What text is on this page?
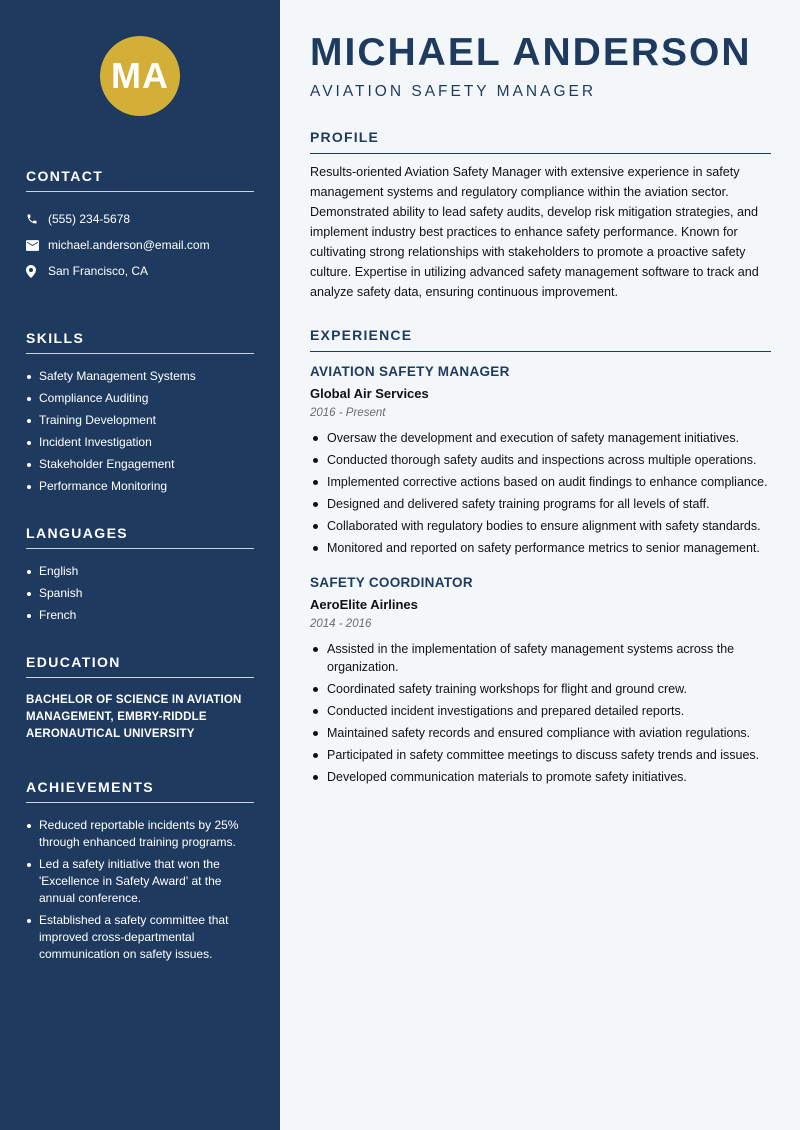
MA
CONTACT
(555) 234-5678
michael.anderson@email.com
San Francisco, CA
SKILLS
Safety Management Systems
Compliance Auditing
Training Development
Incident Investigation
Stakeholder Engagement
Performance Monitoring
LANGUAGES
English
Spanish
French
EDUCATION
BACHELOR OF SCIENCE IN AVIATION MANAGEMENT, EMBRY-RIDDLE AERONAUTICAL UNIVERSITY
ACHIEVEMENTS
Reduced reportable incidents by 25% through enhanced training programs.
Led a safety initiative that won the 'Excellence in Safety Award' at the annual conference.
Established a safety committee that improved cross-departmental communication on safety issues.
MICHAEL ANDERSON
AVIATION SAFETY MANAGER
PROFILE

Results-oriented Aviation Safety Manager with extensive experience in safety management systems and regulatory compliance within the aviation sector. Demonstrated ability to lead safety audits, develop risk mitigation strategies, and implement industry best practices to enhance safety performance. Known for cultivating strong relationships with stakeholders to promote a proactive safety culture. Expertise in utilizing advanced safety management software to track and analyze safety data, ensuring continuous improvement.

EXPERIENCE
AVIATION SAFETY MANAGER
Global Air Services
2016 - Present
Oversaw the development and execution of safety management initiatives.
Conducted thorough safety audits and inspections across multiple operations.
Implemented corrective actions based on audit findings to enhance compliance.
Designed and delivered safety training programs for all levels of staff.
Collaborated with regulatory bodies to ensure alignment with safety standards.
Monitored and reported on safety performance metrics to senior management.
SAFETY COORDINATOR
AeroElite Airlines
2014 - 2016
Assisted in the implementation of safety management systems across the organization.
Coordinated safety training workshops for flight and ground crew.
Conducted incident investigations and prepared detailed reports.
Maintained safety records and ensured compliance with aviation regulations.
Participated in safety committee meetings to discuss safety trends and issues.
Developed communication materials to promote safety initiatives.
